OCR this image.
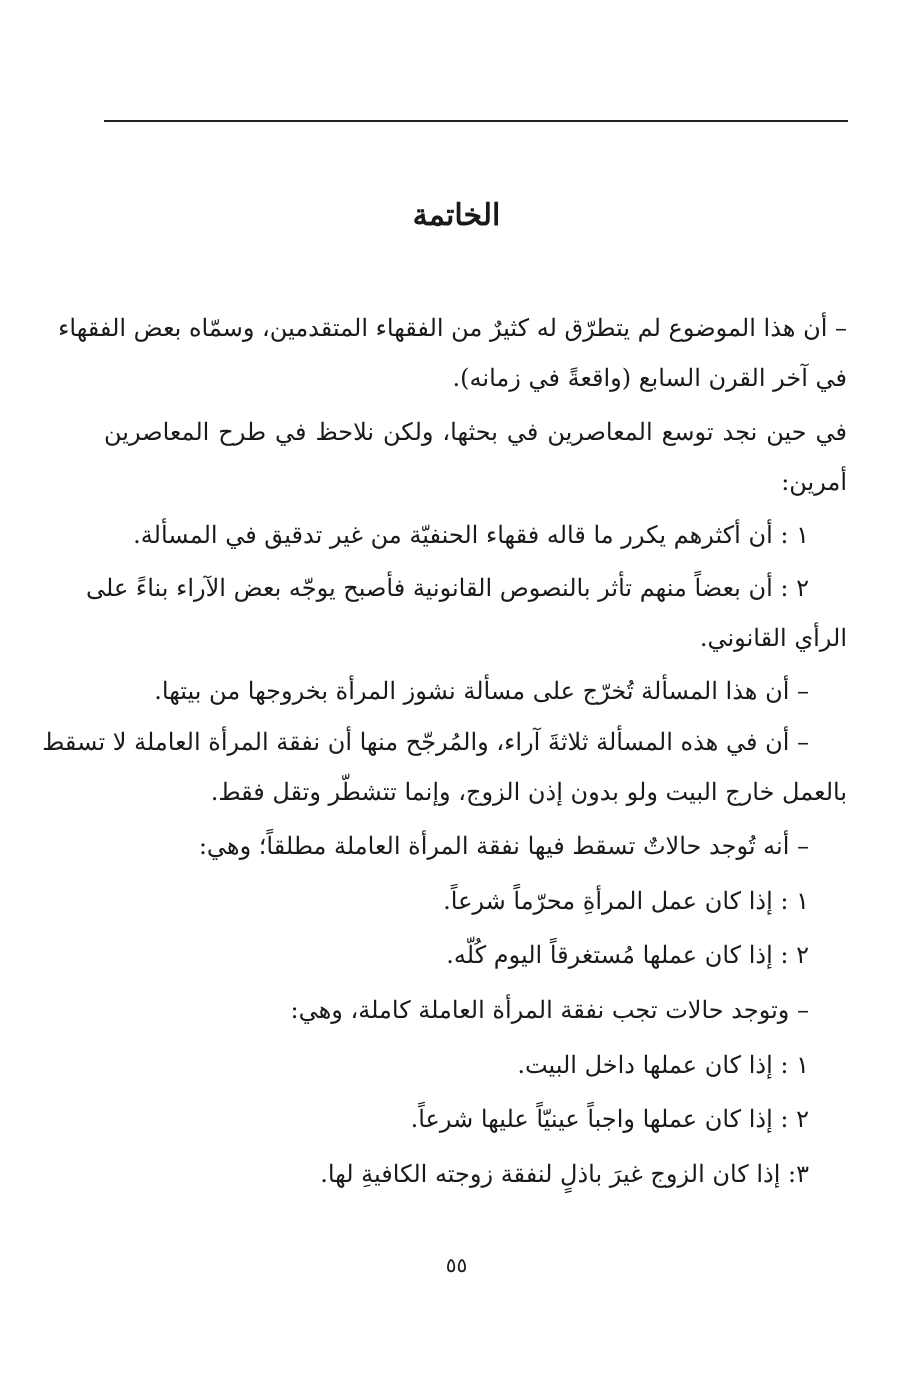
الخاتمة
– أن هذا الموضوع لم يتطرّق له كثيرٌ من الفقهاء المتقدمين، وسمّاه بعض الفقهاء
في آخر القرن السابع (واقعةً في زمانه).
في حين نجد توسع المعاصرين في بحثها، ولكن نلاحظ في طرح المعاصرين
أمرين:
١ : أن أكثرهم يكرر ما قاله فقهاء الحنفيّة من غير تدقيق في المسألة.
٢ : أن بعضاً منهم تأثر بالنصوص القانونية فأصبح يوجّه بعض الآراء بناءً على
الرأي القانوني.
– أن هذا المسألة تُخرّج على مسألة نشوز المرأة بخروجها من بيتها.
– أن في هذه المسألة ثلاثةَ آراء، والمُرجّح منها أن نفقة المرأة العاملة لا تسقط
بالعمل خارج البيت ولو بدون إذن الزوج، وإنما تتشطّر وتقل فقط.
– أنه تُوجد حالاتٌ تسقط فيها نفقة المرأة العاملة مطلقاً؛ وهي:
١ : إذا كان عمل المرأةِ محرّماً شرعاً.
٢ : إذا كان عملها مُستغرقاً اليوم كُلّه.
– وتوجد حالات تجب نفقة المرأة العاملة كاملة، وهي:
١ : إذا كان عملها داخل البيت.
٢ : إذا كان عملها واجباً عينيّاً عليها شرعاً.
٣: إذا كان الزوج غيرَ باذلٍ لنفقة زوجته الكافيةِ لها.
٥٥
